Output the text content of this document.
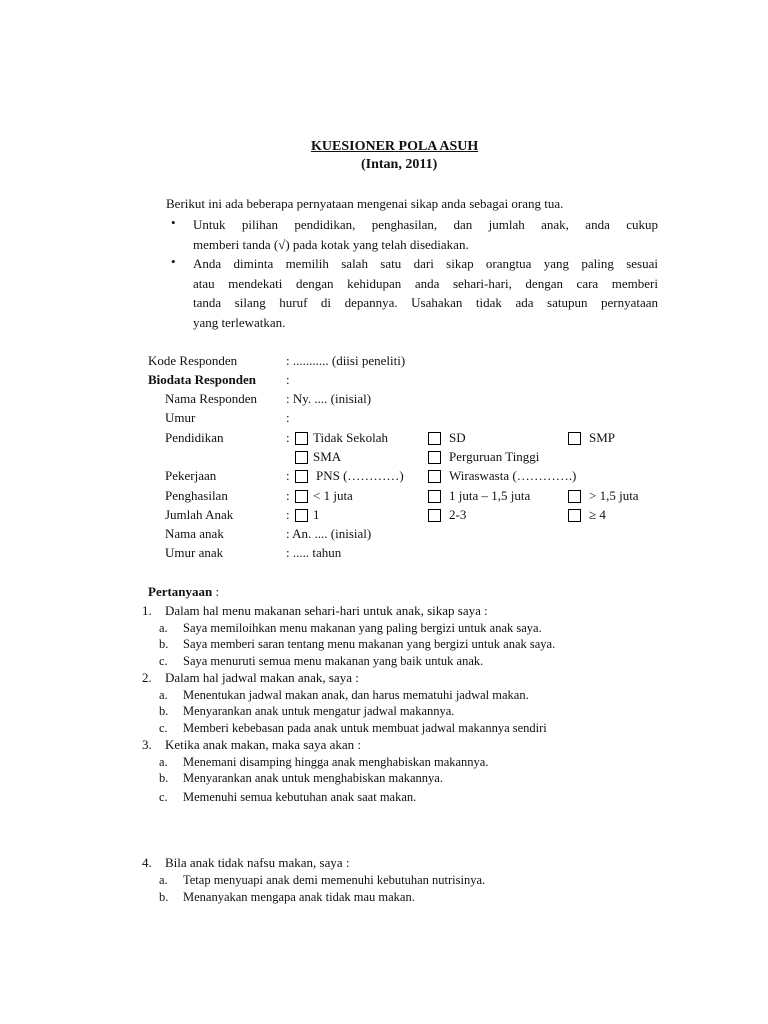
KUESIONER POLA ASUH
(Intan, 2011)
Berikut ini ada beberapa pernyataan mengenai sikap anda sebagai orang tua.
• Untuk pilihan pendidikan, penghasilan, dan jumlah anak, anda cukup
memberi tanda (√) pada kotak yang telah disediakan.
• Anda diminta memilih salah satu dari sikap orangtua yang paling sesuai
atau mendekati dengan kehidupan anda sehari-hari, dengan cara memberi
tanda silang huruf di depannya. Usahakan tidak ada satupun pernyataan
yang terlewatkan.
Kode Responden	: ........... (diisi peneliti)
Biodata Responden :
Nama Responden : Ny. .... (inisial)
Umur	:
Pendidikan	: Tidak Sekolah	SD	SMP
SMA	Perguruan Tinggi
Pekerjaan	: PNS (…………)	Wiraswasta (………….)
Penghasilan	: < 1 juta	1 juta – 1,5 juta	> 1,5 juta
Jumlah Anak	: 1	2-3	≥ 4
Nama anak	: An. .... (inisial)
Umur anak	: ..... tahun
Pertanyaan :
1. Dalam hal menu makanan sehari-hari untuk anak, sikap saya :
a. Saya memiloihkan menu makanan yang paling bergizi untuk anak saya.
b. Saya memberi saran tentang menu makanan yang bergizi untuk anak saya.
c. Saya menuruti semua menu makanan yang baik untuk anak.
2. Dalam hal jadwal makan anak, saya :
a. Menentukan jadwal makan anak, dan harus mematuhi jadwal makan.
b. Menyarankan anak untuk mengatur jadwal makannya.
c. Memberi kebebasan pada anak untuk membuat jadwal makannya sendiri
3. Ketika anak makan, maka saya akan :
a. Menemani disamping hingga anak menghabiskan makannya.
b. Menyarankan anak untuk menghabiskan makannya.
c. Memenuhi semua kebutuhan anak saat makan.
4. Bila anak tidak nafsu makan, saya :
a. Tetap menyuapi anak demi memenuhi kebutuhan nutrisinya.
b. Menanyakan mengapa anak tidak mau makan.
